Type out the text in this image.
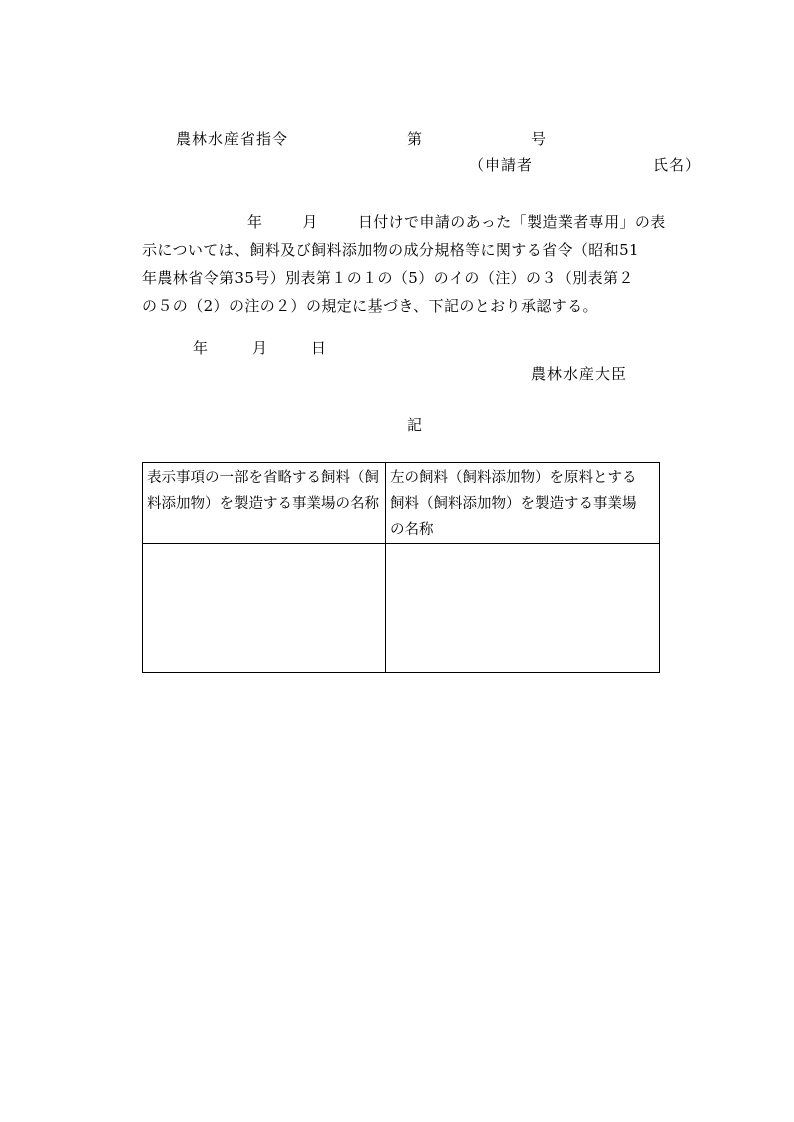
農林水産省指令	第	号
（申請者	氏名）
年	月	日付けで申請のあった「製造業者専用」の表
示については、飼料及び飼料添加物の成分規格等に関する省令（昭和51
年農林省令第35号）別表第１の１の（5）のイの（注）の３（別表第２
の５の（2）の注の２）の規定に基づき、下記のとおり承認する。
年	月	日
農林水産大臣
記
表示事項の一部を省略する飼料（飼
料添加物）を製造する事業場の名称	左の飼料（飼料添加物）を原料とする
飼料（飼料添加物）を製造する事業場
の名称
